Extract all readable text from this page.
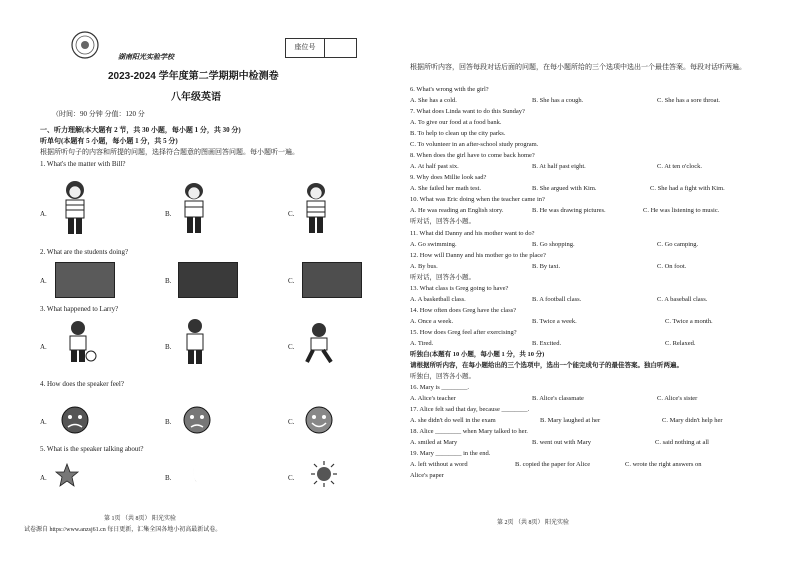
湖南阳光实验学校
座位号
2023-2024 学年度第二学期期中检测卷
八年级英语
（时间：90 分钟 分值：120 分
一、听力理解(本大题有 2 节，共 30 小题，每小题 1 分，共 30 分)
听单句(本题有 5 小题，每小题 1 分，共 5 分)
根据所听句子的内容和所提的问题，选择符合题意的图画回答问题。每小题听一遍。
1. What's the matter with Bill?
A.	B.	C.
2. What are the students doing?
A.	B.	C.
3. What happened to Larry?
A.	B.	C.
4. How does the speaker feel?
A.	B.	C.
5. What is the speaker talking about?
A.	B.	C.
第 1页 （共 8页） 阳光实验
试卷源自 https://www.anzsj61.cn 每日更新，汇集全国各地小初高最新试卷。
根据所听内容，回答每段对话后面的问题，在每小题所给的三个选项中选出一个最佳答案。每段对话听两遍。
6. What's wrong with the girl?
A. She has a cold.	B. She has a cough.	C. She has a sore throat.
7. What does Linda want to do this Sunday?
A. To give our food at a food bank.
B. To help to clean up the city parks.
C. To volunteer in an after-school study program.
8. When does the girl have to come back home?
A. At half past six.	B. At half past eight.	C. At ten o'clock.
9. Why does Millie look sad?
A. She failed her math test.	B. She argued with Kim.	C. She had a fight with Kim.
10. What was Eric doing when the teacher came in?
A. He was reading an English story.	B. He was drawing pictures.	C. He was listening to music.
听对话，回答各小题。
11. What did Danny and his mother want to do?
A. Go swimming.	B. Go shopping.	C. Go camping.
12. How will Danny and his mother go to the place?
A. By bus.	B. By taxi.	C. On foot.
听对话，回答各小题。
13. What class is Greg going to have?
A. A basketball class.	B. A football class.	C. A baseball class.
14. How often does Greg have the class?
A. Once a week.	B. Twice a week.	C. Twice a month.
15. How does Greg feel after exercising?
A. Tired.	B. Excited.	C. Relaxed.
听独白(本题有 10 小题，每小题 1 分，共 10 分)
请根据所听内容，在每小题给出的三个选项中，选出一个能完成句子的最佳答案。独白听两遍。
听独白，回答各小题。
16. Mary is ________.
A. Alice's teacher	B. Alice's classmate	C. Alice's sister
17. Alice felt sad that day, because ________.
A. she didn't do well in the exam	B. Mary laughed at her	C. Mary didn't help her
18. Alice ________ when Mary talked to her.
A. smiled at Mary	B. went out with Mary	C. said nothing at all
19. Mary ________ in the end.
A. left without a word	B. copied the paper for Alice	C. wrote the right answers on
Alice's paper
第 2页 （共 8页） 阳光实验
